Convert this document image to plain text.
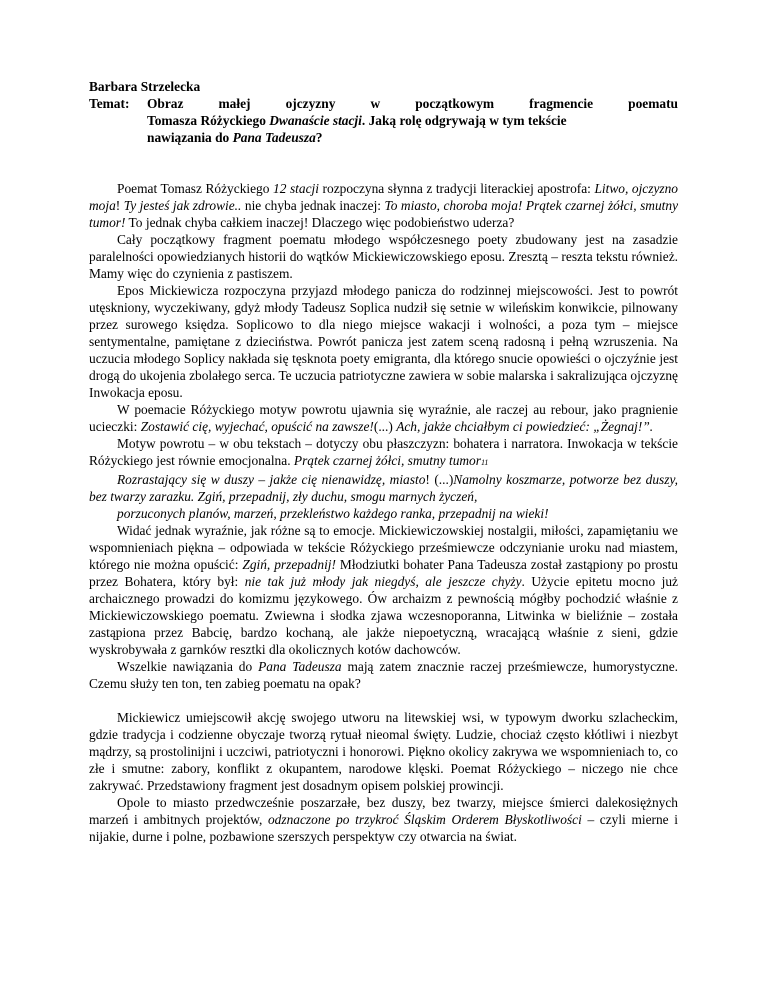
Barbara Strzelecka
Temat:	Obraz małej ojczyzny w początkowym fragmencie poematu
Tomasza Różyckiego Dwanaście stacji. Jaką rolę odgrywają w tym tekście
nawiązania do Pana Tadeusza?

Poemat Tomasz Różyckiego 12 stacji rozpoczyna słynna z tradycji literackiej apostrofa: Litwo, ojczyzno moja! Ty jesteś jak zdrowie.. nie chyba jednak inaczej: To miasto, choroba moja! Prątek czarnej żółci, smutny tumor! To jednak chyba całkiem inaczej! Dlaczego więc podobieństwo uderza?

Cały początkowy fragment poematu młodego współczesnego poety zbudowany jest na zasadzie paralelności opowiedzianych historii do wątków Mickiewiczowskiego eposu. Zresztą – reszta tekstu również. Mamy więc do czynienia z pastiszem.

Epos Mickiewicza rozpoczyna przyjazd młodego panicza do rodzinnej miejscowości. Jest to powrót utęskniony, wyczekiwany, gdyż młody Tadeusz Soplica nudził się setnie w wileńskim konwikcie, pilnowany przez surowego księdza. Soplicowo to dla niego miejsce wakacji i wolności, a poza tym – miejsce sentymentalne, pamiętane z dzieciństwa. Powrót panicza jest zatem sceną radosną i pełną wzruszenia. Na uczucia młodego Soplicy nakłada się tęsknota poety emigranta, dla którego snucie opowieści o ojczyźnie jest drogą do ukojenia zbolałego serca. Te uczucia patriotyczne zawiera w sobie malarska i sakralizująca ojczyznę Inwokacja eposu.

W poemacie Różyckiego motyw powrotu ujawnia się wyraźnie, ale raczej au rebour, jako pragnienie ucieczki: Zostawić cię, wyjechać, opuścić na zawsze!(...) Ach, jakże chciałbym ci powiedzieć: „Żegnaj!”.

Motyw powrotu – w obu tekstach – dotyczy obu płaszczyzn: bohatera i narratora. Inwokacja w tekście Różyckiego jest równie emocjonalna. Prątek czarnej żółci, smutny tumor11

Rozrastający się w duszy – jakże cię nienawidzę, miasto! (...)Namolny koszmarze, potworze bez duszy, bez twarzy zarazku. Zgiń, przepadnij, zły duchu, smogu marnych życzeń,

porzuconych planów, marzeń, przekleństwo każdego ranka, przepadnij na wieki!

Widać jednak wyraźnie, jak różne są to emocje. Mickiewiczowskiej nostalgii, miłości, zapamiętaniu we wspomnieniach piękna – odpowiada w tekście Różyckiego prześmiewcze odczynianie uroku nad miastem, którego nie można opuścić: Zgiń, przepadnij! Młodziutki bohater Pana Tadeusza został zastąpiony po prostu przez Bohatera, który był: nie tak już młody jak niegdyś, ale jeszcze chyży. Użycie epitetu mocno już archaicznego prowadzi do komizmu językowego. Ów archaizm z pewnością mógłby pochodzić właśnie z Mickiewiczowskiego poematu. Zwiewna i słodka zjawa wczesnoporanna, Litwinka w bieliźnie – została zastąpiona przez Babcię, bardzo kochaną, ale jakże niepoetyczną, wracającą właśnie z sieni, gdzie wyskrobywała z garnków resztki dla okolicznych kotów dachowców.

Wszelkie nawiązania do Pana Tadeusza mają zatem znacznie raczej prześmiewcze, humorystyczne. Czemu służy ten ton, ten zabieg poematu na opak?

Mickiewicz umiejscowił akcję swojego utworu na litewskiej wsi, w typowym dworku szlacheckim, gdzie tradycja i codzienne obyczaje tworzą rytuał nieomal święty. Ludzie, chociaż często kłótliwi i niezbyt mądrzy, są prostolinijni i uczciwi, patriotyczni i honorowi. Piękno okolicy zakrywa we wspomnieniach to, co złe i smutne: zabory, konflikt z okupantem, narodowe klęski. Poemat Różyckiego – niczego nie chce zakrywać. Przedstawiony fragment jest dosadnym opisem polskiej prowincji.

Opole to miasto przedwcześnie poszarzałe, bez duszy, bez twarzy, miejsce śmierci dalekosiężnych marzeń i ambitnych projektów, odznaczone po trzykroć Śląskim Orderem Błyskotliwości – czyli mierne i nijakie, durne i polne, pozbawione szerszych perspektyw czy otwarcia na świat.
